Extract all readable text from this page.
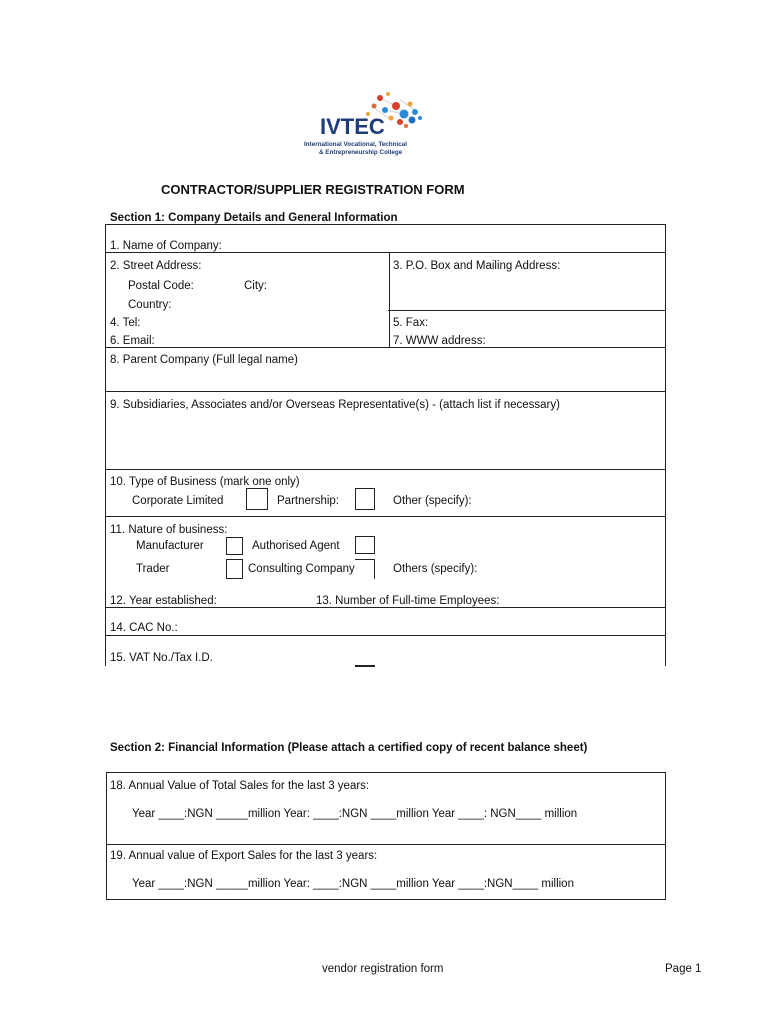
IVTEC
International Vocational, Technical
& Entrepreneurship College
CONTRACTOR/SUPPLIER REGISTRATION FORM
Section 1: Company Details and General Information
1. Name of Company:
2. Street Address:	3. P.O. Box and Mailing Address:
Postal Code:	City:
Country:
4. Tel:	5. Fax:
6. Email:	7. WWW address:
8. Parent Company (Full legal name)
9. Subsidiaries, Associates and/or Overseas Representative(s) - (attach list if necessary)
10. Type of Business (mark one only)
Corporate Limited	Partnership:	Other (specify):
11. Nature of business:
Manufacturer	Authorised Agent
Trader	Consulting Company	Others (specify):
12. Year established:	13. Number of Full-time Employees:
14. CAC No.:
15. VAT No./Tax I.D.
Section 2: Financial Information (Please attach a certified copy of recent balance sheet)
18. Annual Value of Total Sales for the last 3 years:
Year ____:NGN _____million Year: ____:NGN ____million Year ____: NGN____ million
19. Annual value of Export Sales for the last 3 years:
Year ____:NGN _____million Year: ____:NGN ____million Year ____:NGN____ million
vendor registration form	Page 1
